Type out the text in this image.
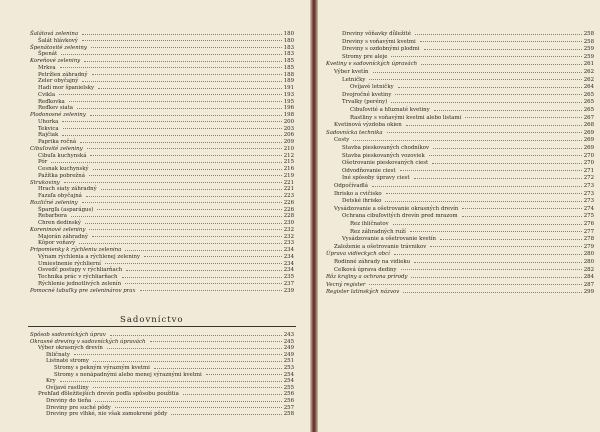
Šalátová zelenina	180
Šalát hlávkový	180
Špenátovité zeleniny	183
Špenát	183
Koreňové zeleniny	185
Mrkva	185
Petržlen záhradný	188
Zeler obyčajný	189
Hadí mor španielsky	191
Cvikla	193
Reďkovka	195
Reďkev siata	196
Plodonosné zeleniny	198
Uhorka	200
Tekvica	203
Rajčiak	206
Paprika ročná	209
Cibuľovité zeleniny	210
Cibuľa kuchynská	212
Pór	215
Cesnak kuchynský	216
Pažítka pobrežná	219
Strukoviny	221
Hrach siaty záhradný	221
Fazuľa obyčajná	223
Rozličné zeleniny	226
Špargľa (asparágus)	226
Rebarbora	228
Chren dedinský	230
Koreninové zeleniny	232
Majorán záhradný	232
Kôpor voňavý	233
Pripomienky k rýchleniu zelenina	234
Výnam rýchlenia a rýchlenej zeleniny	234
Umiestnenie rýchlierní	234
Osvedč postupy v rýchliarňach	234
Technika prác v rýchliarňach	235
Rýchlenie jednotlivých zelenín	237
Pomocné tabuľky pre zeleninárov prax	239
Sadovníctvo
Spôsob sadovníckých úprav	243
Okrasné dreviny v sadovníckých úpravách	245
Výber okrasných drevín	249
Ihličnaty	249
Listnaté stromy	251
Stromy s pekným výrazným kvetmi	253
Stromy s nenápadnými alebo menej výraznými kvetmi	254
Kry	254
Ovíjavé rastliny	255
Prehľad ďôležitejších drevín podľa spôsobu použitia	256
Dreviny do tieňa	256
Dreviny pre suché pôdy	257
Dreviny pre vlhké, nie však zamokrené pôdy	258
Dreviny vôňavky důležité	258
Dreviny s voňavými kvetmi	258
Dreviny s ozdobnými plodmi	259
Stromy pre aleje	259
Kvetiny v sadovníckých úpravách	261
Výber kvetín	262
Letničky	262
Ovíjavé letničky	264
Dvojročné kvetiny	265
Trvalky (perény)	265
Cibuľovité a hľuznaté kvetiny	265
Rastliny s voňavými kvetmi alebo listami	267
Kvetinová výzdoba okien	268
Sadovnícka technika	269
Cesty	269
Stavba pieskovaných chodníkov	269
Stavba pieskovaných vozoviek	270
Ošetrovanie pieskovaných ciest	270
Odvodňovanie ciest	271
Iné spôsoby úpravy ciest	272
Odpočívadlá	273
Ihrisko a cvičisko	273
Detské ihrisko	273
Vysádzovanie a ošetrovanie okrasných drevín	274
Ochrana cibuľovitých drevín pred mrazom	275
Rez ihličnatov	276
Rez záhradných ruží	277
Vysádzovanie a ošetrovanie kvetín	278
Založenie a ošetrovanie trávnikov	279
Úprava vidieckych obcí	280
Rodinné záhrady na vidieku	280
Celková úprava dediny	282
Rôz krajiny a ochrana prírody	284
Vecný register	287
Register latinských názvov	299
